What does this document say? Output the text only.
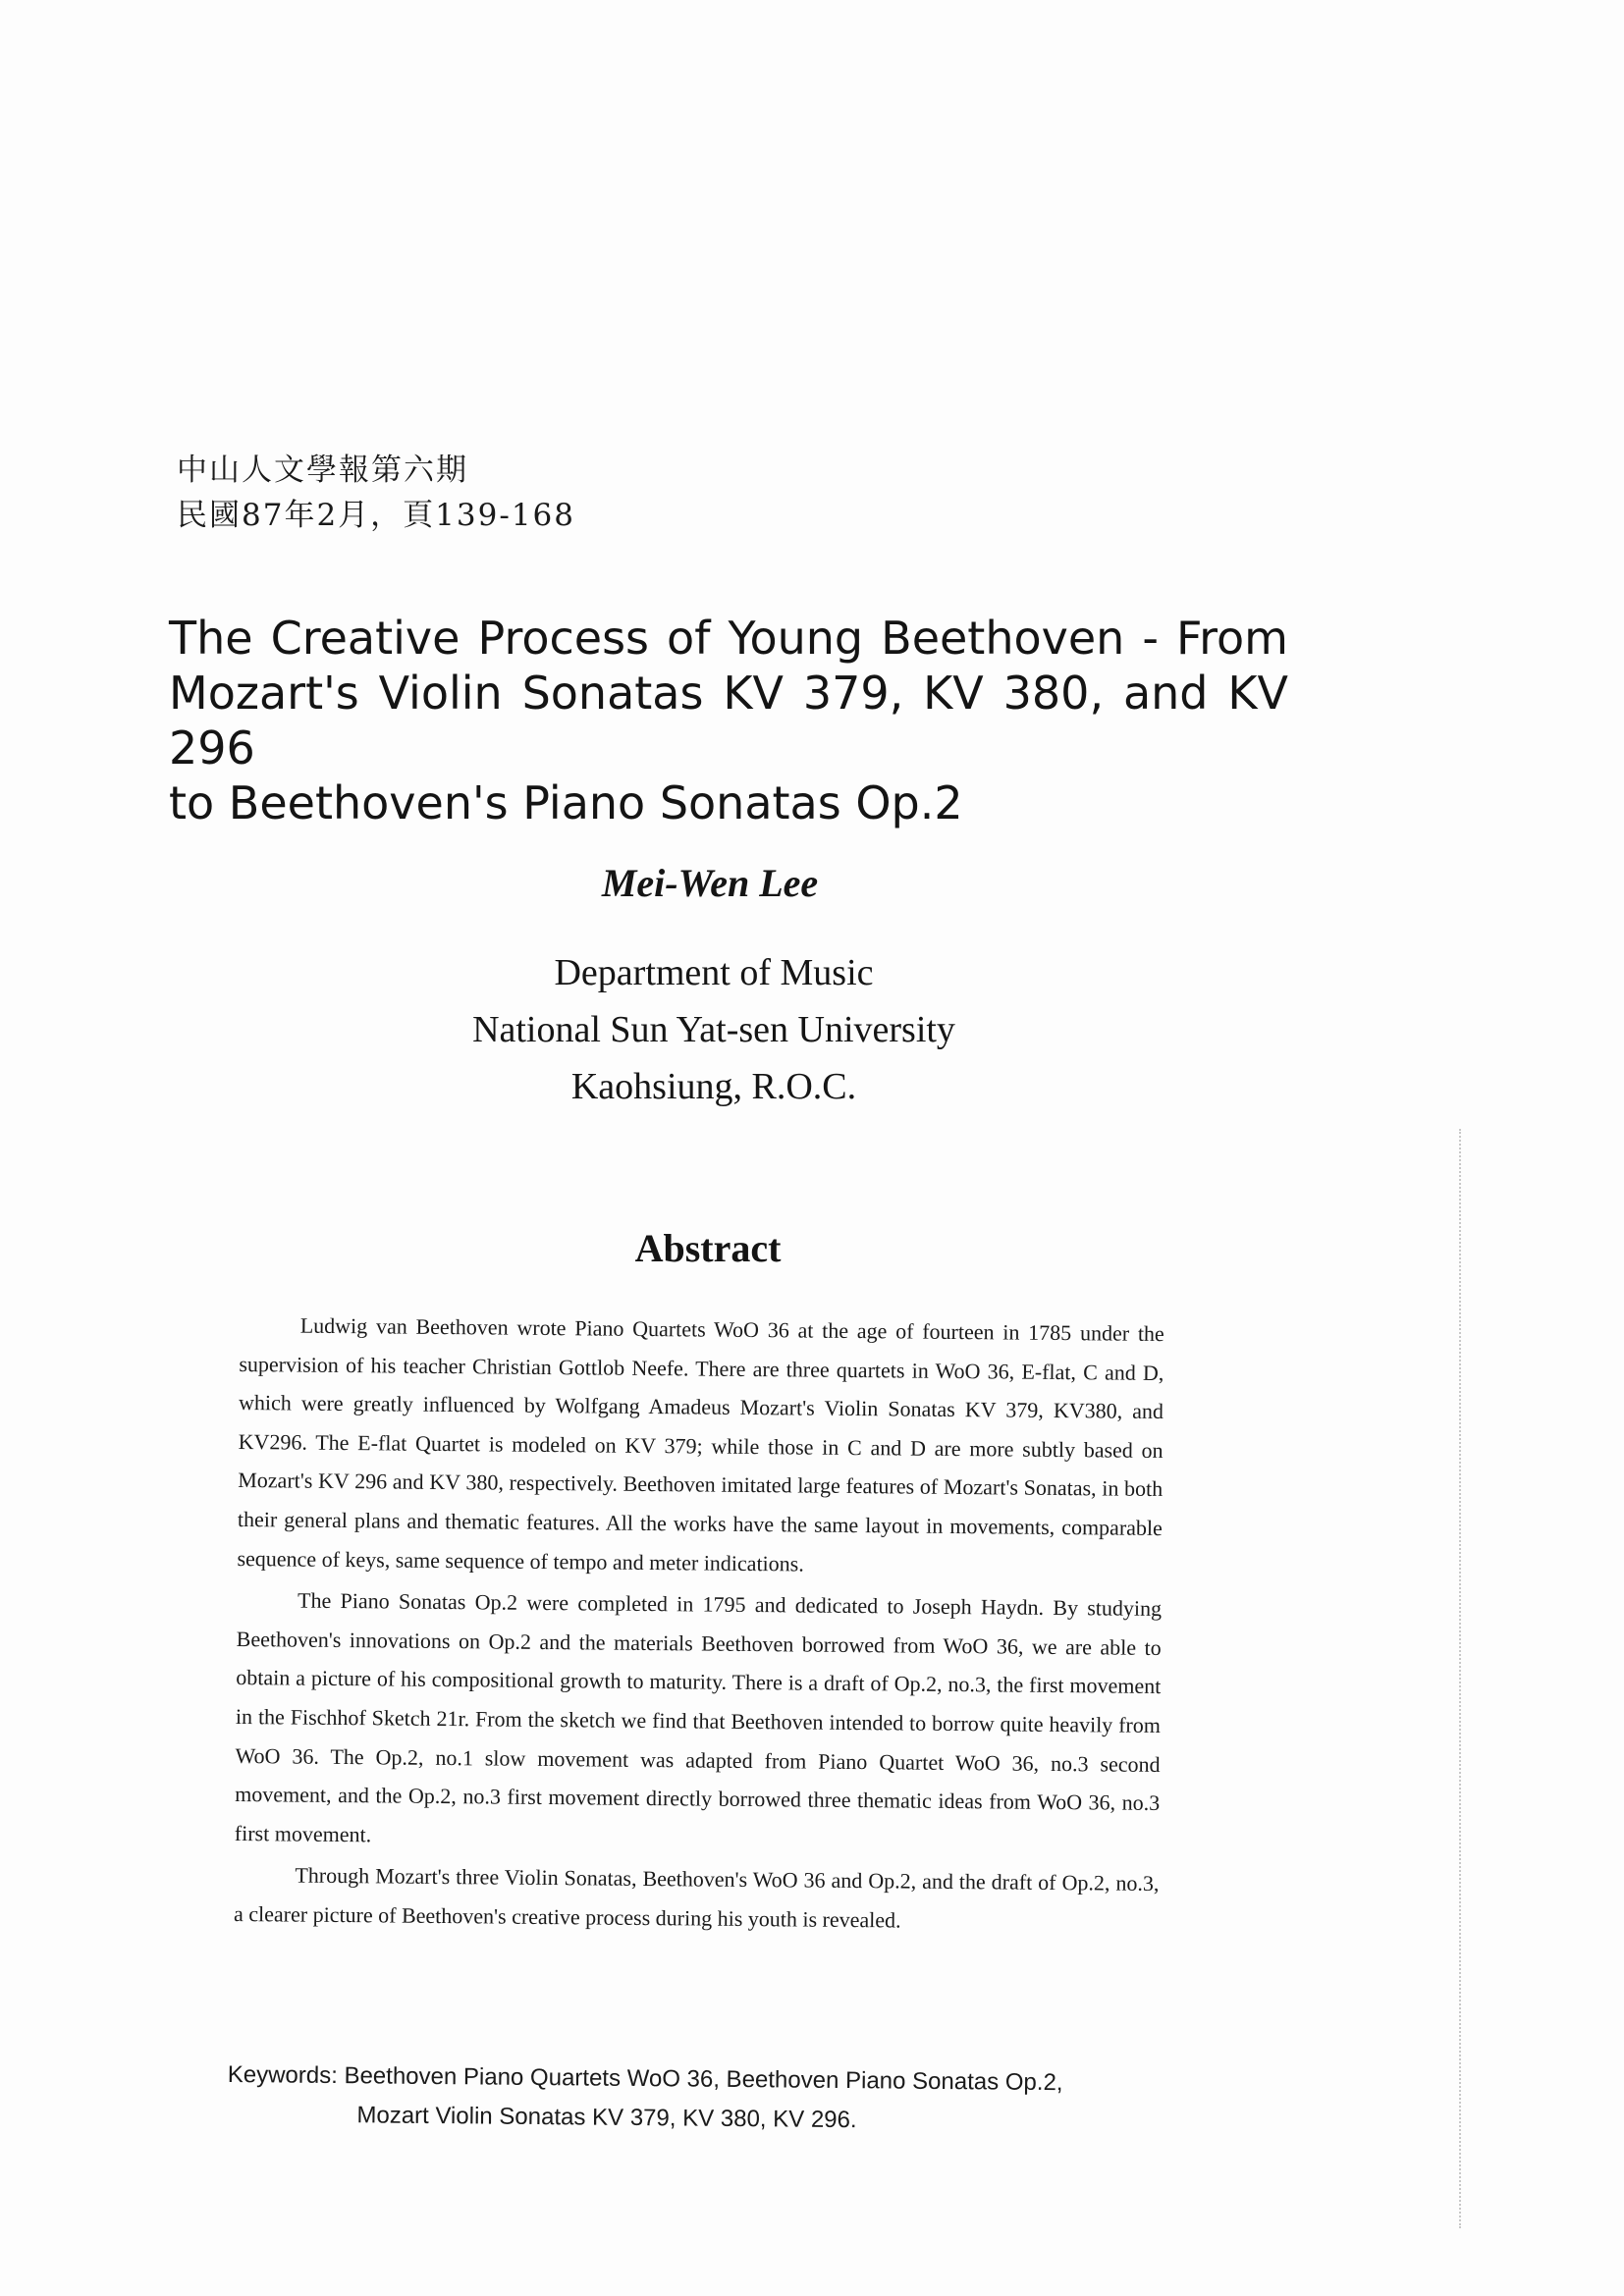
中山人文學報第六期
民國87年2月，頁139-168
The Creative Process of Young Beethoven - From
Mozart's Violin Sonatas KV 379, KV 380, and KV 296
to Beethoven's Piano Sonatas Op.2
Mei-Wen Lee
Department of Music
National Sun Yat-sen University
Kaohsiung, R.O.C.
Abstract

Ludwig van Beethoven wrote Piano Quartets WoO 36 at the age of fourteen in 1785 under the supervision of his teacher Christian Gottlob Neefe. There are three quartets in WoO 36, E-flat, C and D, which were greatly influenced by Wolfgang Amadeus Mozart's Violin Sonatas KV 379, KV380, and KV296. The E-flat Quartet is modeled on KV 379; while those in C and D are more subtly based on Mozart's KV 296 and KV 380, respectively. Beethoven imitated large features of Mozart's Sonatas, in both their general plans and thematic features. All the works have the same layout in movements, comparable sequence of keys, same sequence of tempo and meter indications.

The Piano Sonatas Op.2 were completed in 1795 and dedicated to Joseph Haydn. By studying Beethoven's innovations on Op.2 and the materials Beethoven borrowed from WoO 36, we are able to obtain a picture of his compositional growth to maturity. There is a draft of Op.2, no.3, the first movement in the Fischhof Sketch 21r. From the sketch we find that Beethoven intended to borrow quite heavily from WoO 36. The Op.2, no.1 slow movement was adapted from Piano Quartet WoO 36, no.3 second movement, and the Op.2, no.3 first movement directly borrowed three thematic ideas from WoO 36, no.3 first movement.

Through Mozart's three Violin Sonatas, Beethoven's WoO 36 and Op.2, and the draft of Op.2, no.3, a clearer picture of Beethoven's creative process during his youth is revealed.

Keywords: Beethoven Piano Quartets WoO 36, Beethoven Piano Sonatas Op.2,
Mozart Violin Sonatas KV 379, KV 380, KV 296.
